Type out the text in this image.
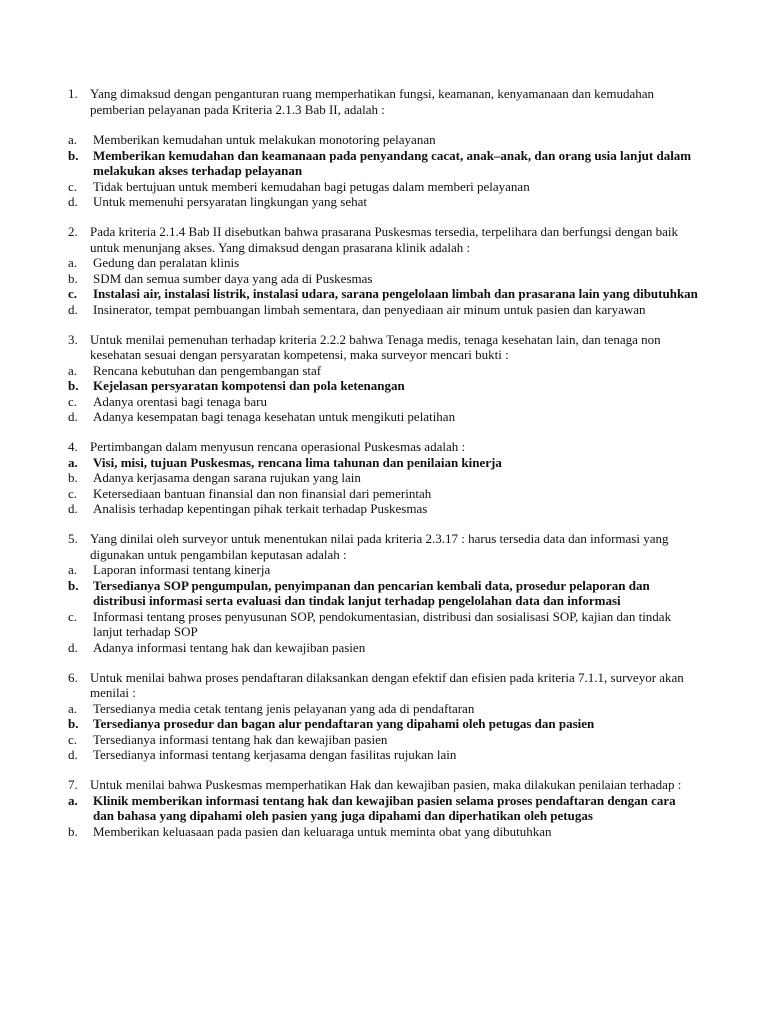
1. Yang dimaksud dengan penganturan ruang memperhatikan fungsi, keamanan, kenyamanaan dan kemudahan pemberian pelayanan pada Kriteria 2.1.3 Bab II, adalah :
a.	Memberikan kemudahan untuk melakukan monotoring pelayanan
b.	Memberikan kemudahan dan keamanaan pada penyandang cacat, anak–anak, dan orang usia lanjut dalam melakukan akses terhadap pelayanan
c.	Tidak bertujuan untuk memberi kemudahan bagi petugas dalam memberi pelayanan
d.	Untuk memenuhi persyaratan lingkungan yang sehat
2. Pada kriteria 2.1.4 Bab II disebutkan bahwa prasarana Puskesmas tersedia, terpelihara dan berfungsi dengan baik untuk menunjang akses. Yang dimaksud dengan prasarana klinik adalah :
a.	Gedung dan peralatan klinis
b.	SDM dan semua sumber daya yang ada di Puskesmas
c.	Instalasi air, instalasi listrik, instalasi udara, sarana pengelolaan limbah dan prasarana lain yang dibutuhkan
d.	Insinerator, tempat pembuangan limbah sementara, dan penyediaan air minum untuk pasien dan karyawan
3. Untuk menilai pemenuhan terhadap kriteria 2.2.2 bahwa Tenaga medis, tenaga kesehatan lain, dan tenaga non kesehatan sesuai dengan persyaratan kompetensi, maka surveyor mencari bukti :
a.	Rencana kebutuhan dan pengembangan staf
b.	Kejelasan persyaratan kompotensi dan pola ketenangan
c.	Adanya orentasi bagi tenaga baru
d.	Adanya kesempatan bagi tenaga kesehatan untuk mengikuti pelatihan
4. Pertimbangan dalam menyusun rencana operasional Puskesmas adalah :
a.	Visi, misi, tujuan Puskesmas, rencana lima tahunan dan penilaian kinerja
b.	Adanya kerjasama dengan sarana rujukan yang lain
c.	Ketersediaan bantuan finansial dan non finansial dari pemerintah
d.	Analisis terhadap kepentingan pihak terkait terhadap Puskesmas
5. Yang dinilai oleh surveyor untuk menentukan nilai pada kriteria 2.3.17 : harus tersedia data dan informasi yang digunakan untuk pengambilan keputasan adalah :
a.	Laporan informasi tentang kinerja
b.	Tersedianya SOP pengumpulan, penyimpanan dan pencarian kembali data, prosedur pelaporan dan distribusi informasi serta evaluasi dan tindak lanjut terhadap pengelolahan data dan informasi
c.	Informasi tentang proses penyusunan SOP, pendokumentasian, distribusi dan sosialisasi SOP, kajian dan tindak lanjut terhadap SOP
d.	Adanya informasi tentang hak dan kewajiban pasien
6. Untuk menilai bahwa proses pendaftaran dilaksankan dengan efektif dan efisien pada kriteria 7.1.1, surveyor akan menilai :
a.	Tersedianya media cetak tentang jenis pelayanan yang ada di pendaftaran
b.	Tersedianya prosedur dan bagan alur pendaftaran yang dipahami oleh petugas dan pasien
c.	Tersedianya informasi tentang hak dan kewajiban pasien
d.	Tersedianya informasi tentang kerjasama dengan fasilitas rujukan lain
7. Untuk menilai bahwa Puskesmas memperhatikan Hak dan kewajiban pasien, maka dilakukan penilaian terhadap :
a.	Klinik memberikan informasi tentang hak dan kewajiban pasien selama proses pendaftaran dengan cara dan bahasa yang dipahami oleh pasien yang juga dipahami dan diperhatikan oleh petugas
b.	Memberikan keluasaan pada pasien dan keluaraga untuk meminta obat yang dibutuhkan
